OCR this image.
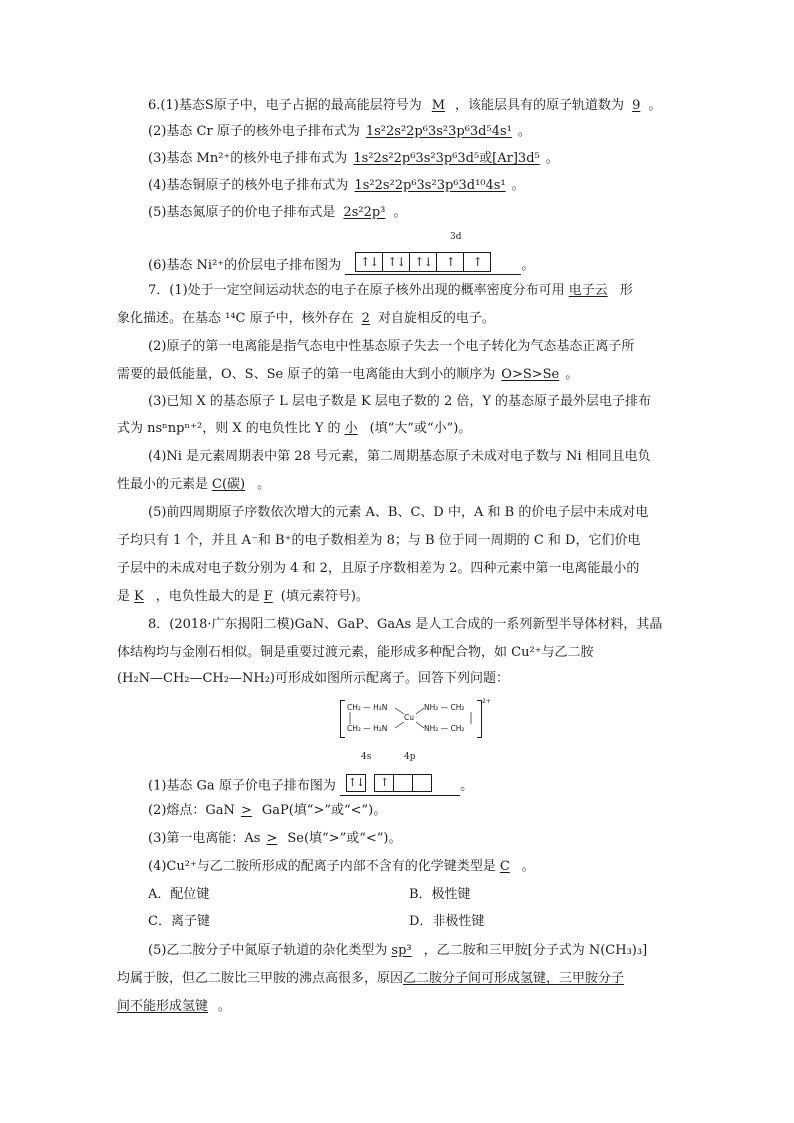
6.(1)基态S原子中，电子占据的最高能层符号为 M ，该能层具有的原子轨道数为 9 。
(2)基态 Cr 原子的核外电子排布式为 1s²2s²2p⁶3s²3p⁶3d⁵4s¹ 。
(3)基态 Mn²⁺的核外电子排布式为 1s²2s²2p⁶3s²3p⁶3d⁵或[Ar]3d⁵ 。
(4)基态铜原子的核外电子排布式为 1s²2s²2p⁶3s²3p⁶3d¹⁰4s¹ 。
(5)基态氮原子的价电子排布式是 2s²2p³ 。
3d
(6)基态 Ni²⁺的价层电子排布图为	↑↓ ↑↓ ↑↓	↑	↑	。
7．(1)处于一定空间运动状态的电子在原子核外出现的概率密度分布可用 电子云 形
象化描述。在基态 ¹⁴C 原子中，核外存在 2 对自旋相反的电子。
(2)原子的第一电离能是指气态电中性基态原子失去一个电子转化为气态基态正离子所
需要的最低能量，O、S、Se 原子的第一电离能由大到小的顺序为 O>S>Se 。
(3)已知 X 的基态原子 L 层电子数是 K 层电子数的 2 倍，Y 的基态原子最外层电子排布
式为 nsⁿnpⁿ⁺²，则 X 的电负性比 Y 的 小 (填“大”或“小”)。
(4)Ni 是元素周期表中第 28 号元素，第二周期基态原子未成对电子数与 Ni 相同且电负
性最小的元素是 C(碳) 。
(5)前四周期原子序数依次增大的元素 A、B、C、D 中，A 和 B 的价电子层中未成对电
子均只有 1 个，并且 A⁻和 B⁺的电子数相差为 8；与 B 位于同一周期的 C 和 D，它们价电
子层中的未成对电子数分别为 4 和 2，且原子序数相差为 2。四种元素中第一电离能最小的
是 K ，电负性最大的是 F (填元素符号)。
8．(2018·广东揭阳二模)GaN、GaP、GaAs 是人工合成的一系列新型半导体材料，其晶
体结构均与金刚石相似。铜是重要过渡元素，能形成多种配合物，如 Cu²⁺与乙二胺
(H₂N—CH₂—CH₂—NH₂)可形成如图所示配离子。回答下列问题：
2+
CH₂ — H₂N
CH₂ — H₂N
Cu
NH₂ — CH₂
NH₂ — CH₂
4s	4p
(1)基态 Ga 原子价电子排布图为 ↑↓
	↑	。
(2)熔点：GaN > GaP(填“>”或“<”)。
(3)第一电离能：As > Se(填“>”或“<”)。
(4)Cu²⁺与乙二胺所形成的配离子内部不含有的化学键类型是 C 。
A．配位键	B．极性键
C．离子键	D．非极性键
(5)乙二胺分子中氮原子轨道的杂化类型为 sp³ ，乙二胺和三甲胺[分子式为 N(CH₃)₃]
均属于胺，但乙二胺比三甲胺的沸点高很多，原因乙二胺分子间可形成氢键，三甲胺分子
间不能形成氢键 。
